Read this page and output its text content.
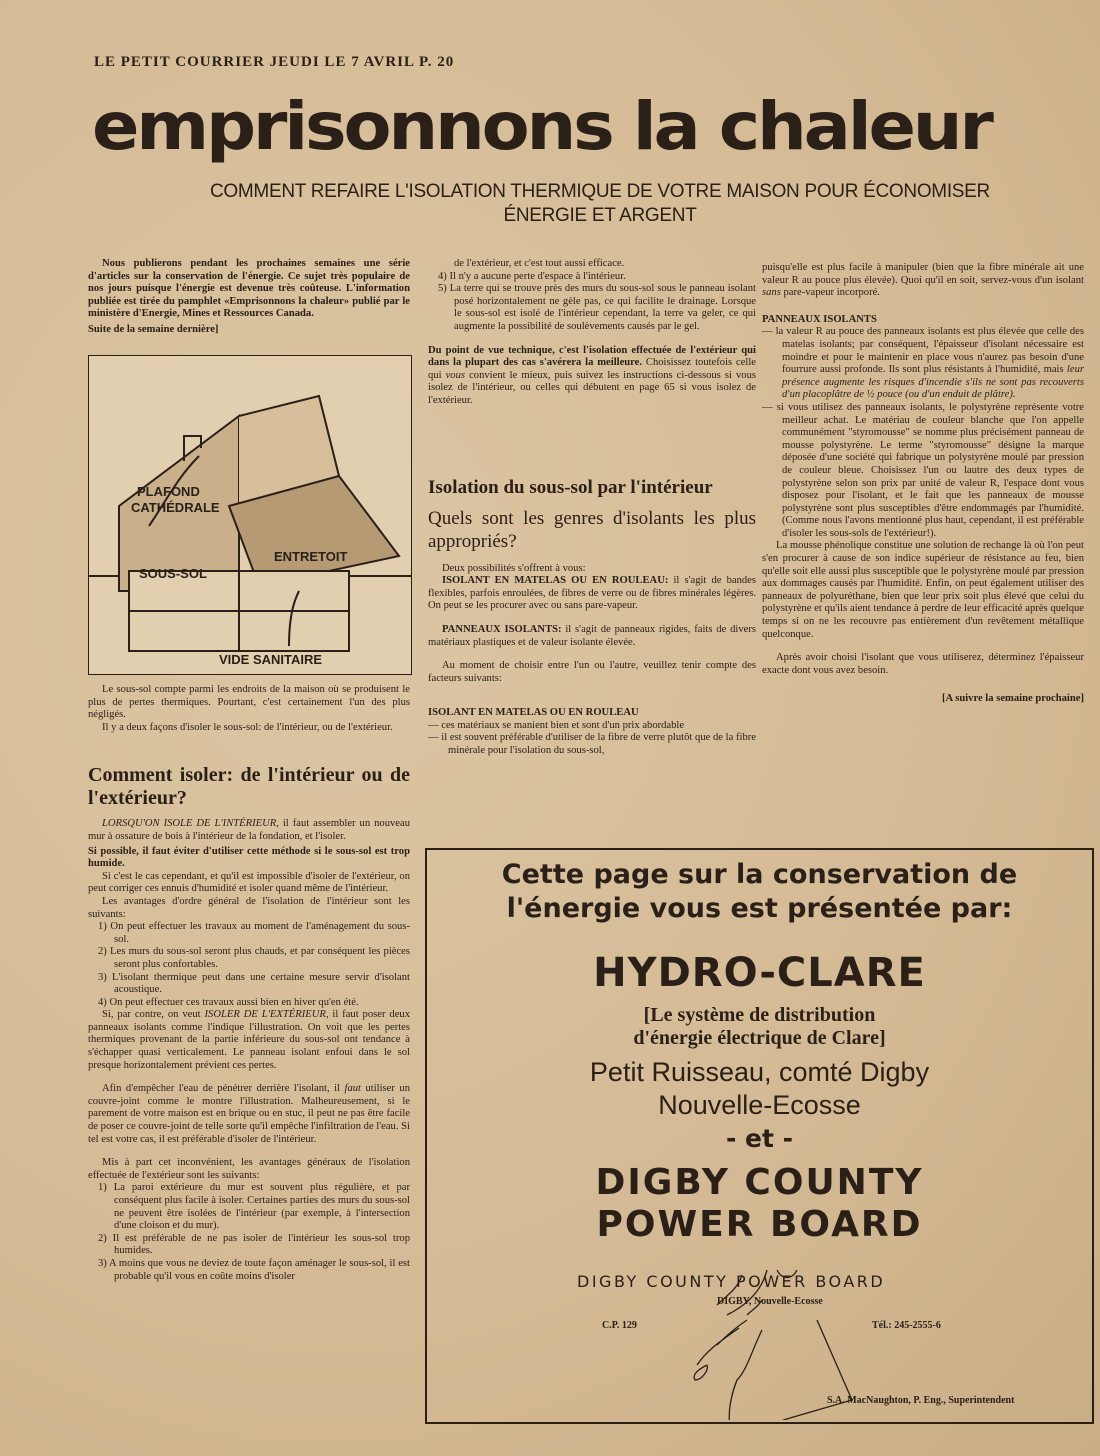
LE PETIT COURRIER JEUDI LE 7 AVRIL P. 20
emprisonnons la chaleur
COMMENT REFAIRE L'ISOLATION THERMIQUE DE VOTRE MAISON POUR ÉCONOMISER
ÉNERGIE ET ARGENT

Nous publierons pendant les prochaines semaines une série d'articles sur la conservation de l'énergie. Ce sujet très populaire de nos jours puisque l'énergie est devenue très coûteuse. L'information publiée est tirée du pamphlet «Emprisonnons la chaleur» publié par le ministère d'Energie, Mines et Ressources Canada.

Suite de la semaine dernière]

PLAFOND
CATHÉDRALE
ENTRETOIT
SOUS-SOL
VIDE SANITAIRE

Le sous-sol compte parmi les endroits de la maison où se produisent le plus de pertes thermiques. Pourtant, c'est certainement l'un des plus négligés.

Il y a deux façons d'isoler le sous-sol: de l'intérieur, ou de l'extérieur.

Comment isoler: de l'intérieur ou de l'extérieur?

LORSQU'ON ISOLE DE L'INTÉRIEUR, il faut assembler un nouveau mur à ossature de bois à l'intérieur de la fondation, et l'isoler.

Si possible, il faut éviter d'utiliser cette méthode si le sous-sol est trop humide.

Si c'est le cas cependant, et qu'il est impossible d'isoler de l'extérieur, on peut corriger ces ennuis d'humidité et isoler quand même de l'intérieur.

Les avantages d'ordre général de l'isolation de l'intérieur sont les suivants:

1) On peut effectuer les travaux au moment de l'aménagement du sous-sol.

2) Les murs du sous-sol seront plus chauds, et par conséquent les pièces seront plus confortables.

3) L'isolant thermique peut dans une certaine mesure servir d'isolant acoustique.

4) On peut effectuer ces travaux aussi bien en hiver qu'en été.

Si, par contre, on veut ISOLER DE L'EXTÉRIEUR, il faut poser deux panneaux isolants comme l'indique l'illustration. On voit que les pertes thermiques provenant de la partie inférieure du sous-sol ont tendance à s'échapper quasi verticalement. Le panneau isolant enfoui dans le sol presque horizontalement prévient ces pertes.

Afin d'empêcher l'eau de pénétrer derrière l'isolant, il faut utiliser un couvre-joint comme le montre l'illustration. Malheureusement, si le parement de votre maison est en brique ou en stuc, il peut ne pas être facile de poser ce couvre-joint de telle sorte qu'il empêche l'infiltration de l'eau. Si tel est votre cas, il est préférable d'isoler de l'intérieur.

Mis à part cet inconvénient, les avantages généraux de l'isolation effectuée de l'extérieur sont les suivants:

1) La paroi extérieure du mur est souvent plus régulière, et par conséquent plus facile à isoler. Certaines parties des murs du sous-sol ne peuvent être isolées de l'intérieur (par exemple, à l'intersection d'une cloison et du mur).

2) Il est préférable de ne pas isoler de l'intérieur les sous-sol trop humides.

3) A moins que vous ne deviez de toute façon aménager le sous-sol, il est probable qu'il vous en coûte moins d'isoler

de l'extérieur, et c'est tout aussi efficace.

4) Il n'y a aucune perte d'espace à l'intérieur.

5) La terre qui se trouve près des murs du sous-sol sous le panneau isolant posé horizontalement ne gèle pas, ce qui facilite le drainage. Lorsque le sous-sol est isolé de l'intérieur cependant, la terre va geler, ce qui augmente la possibilité de soulèvements causés par le gel.

Du point de vue technique, c'est l'isolation effectuée de l'extérieur qui dans la plupart des cas s'avérera la meilleure. Choisissez toutefois celle qui vous convient le mieux, puis suivez les instructions ci-dessous si vous isolez de l'intérieur, ou celles qui débutent en page 65 si vous isolez de l'extérieur.

Isolation du sous-sol par l'intérieur
Quels sont les genres d'isolants les plus appropriés?

Deux possibilités s'offrent à vous:

ISOLANT EN MATELAS OU EN ROULEAU: il s'agit de bandes flexibles, parfois enroulées, de fibres de verre ou de fibres minérales légères. On peut se les procurer avec ou sans pare-vapeur.

PANNEAUX ISOLANTS: il s'agit de panneaux rigides, faits de divers matériaux plastiques et de valeur isolante élevée.

Au moment de choisir entre l'un ou l'autre, veuillez tenir compte des facteurs suivants:

ISOLANT EN MATELAS OU EN ROULEAU

— ces matériaux se manient bien et sont d'un prix abordable

— il est souvent préférable d'utiliser de la fibre de verre plutôt que de la fibre minérale pour l'isolation du sous-sol,

puisqu'elle est plus facile à manipuler (bien que la fibre minérale ait une valeur R au pouce plus élevée). Quoi qu'il en soit, servez-vous d'un isolant sans pare-vapeur incorporé.

PANNEAUX ISOLANTS

— la valeur R au pouce des panneaux isolants est plus élevée que celle des matelas isolants; par conséquent, l'épaisseur d'isolant nécessaire est moindre et pour le maintenir en place vous n'aurez pas besoin d'une fourrure aussi profonde. Ils sont plus résistants à l'humidité, mais leur présence augmente les risques d'incendie s'ils ne sont pas recouverts d'un placoplâtre de ½ pouce (ou d'un enduit de plâtre).

— si vous utilisez des panneaux isolants, le polystyrène représente votre meilleur achat. Le matériau de couleur blanche que l'on appelle communément "styromousse" se nomme plus précisément panneau de mousse polystyrène. Le terme "styromousse" désigne la marque déposée d'une société qui fabrique un polystyrène moulé par pression de couleur bleue. Choisissez l'un ou lautre des deux types de polystyrène selon son prix par unité de valeur R, l'espace dont vous disposez pour l'isolant, et le fait que les panneaux de mousse polystyrène sont plus susceptibles d'être endommagés par l'humidité. (Comme nous l'avons mentionné plus haut, cependant, il est préférable d'isoler les sous-sols de l'extérieur!).

La mousse phénolique constitue une solution de rechange là où l'on peut s'en procurer à cause de son indice supérieur de résistance au feu, bien qu'elle soit elle aussi plus susceptible que le polystyrène moulé par pression aux dommages causés par l'humidité. Enfin, on peut également utiliser des panneaux de polyuréthane, bien que leur prix soit plus élevé que celui du polystyrène et qu'ils aient tendance à perdre de leur efficacité après quelque temps si on ne les recouvre pas entièrement d'un revêtement métallique quelconque.

Après avoir choisi l'isolant que vous utiliserez, déterminez l'épaisseur exacte dont vous avez besoin.

[A suivre la semaine prochaine]

Cette page sur la conservation de
l'énergie vous est présentée par:
HYDRO-CLARE
[Le système de distribution
d'énergie électrique de Clare]
Petit Ruisseau, comté Digby
Nouvelle-Ecosse
- et -
DIGBY COUNTY
POWER BOARD
DIGBY COUNTY POWER BOARD
DIGBY, Nouvelle-Ecosse
C.P. 129	Tél.: 245-2555-6
S.A. MacNaughton, P. Eng., Superintendent
